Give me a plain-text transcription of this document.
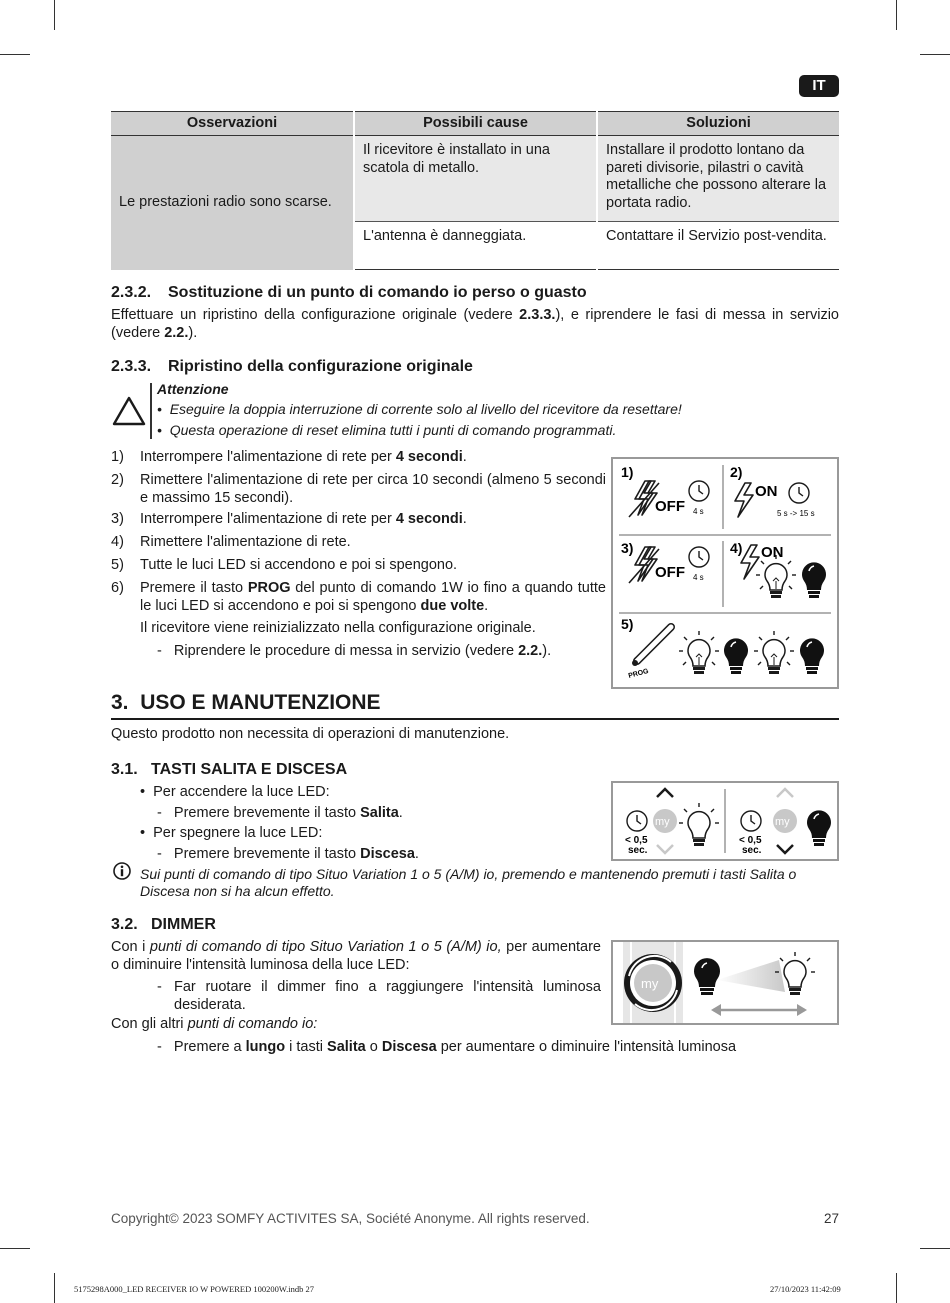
IT
Osservazioni	Possibili cause	Soluzioni
Le prestazioni radio sono scarse.	Il ricevitore è installato in una scatola di metallo.	Installare il prodotto lontano da pareti divisorie, pilastri o cavità metalliche che possono alterare la portata radio.
	L'antenna è danneggiata.	Contattare il Servizio post-vendita.
2.3.2. Sostituzione di un punto di comando io perso o guasto
Effettuare un ripristino della configurazione originale (vedere 2.3.3.), e riprendere le fasi di messa in servizio (vedere 2.2.).
2.3.3. Ripristino della configurazione originale
Attenzione
•  Eseguire la doppia interruzione di corrente solo al livello del ricevitore da resettare!
•  Questa operazione di reset elimina tutti i punti di comando programmati.
1) Interrompere l'alimentazione di rete per 4 secondi.
2) Rimettere l'alimentazione di rete per circa 10 secondi (almeno 5 secondi e massimo 15 secondi).
3) Interrompere l'alimentazione di rete per 4 secondi.
4) Rimettere l'alimentazione di rete.
5) Tutte le luci LED si accendono e poi si spengono.
6) Premere il tasto PROG del punto di comando 1W io fino a quando tutte le luci LED si accendono e poi si spengono due volte.
Il ricevitore viene reinizializzato nella configurazione originale.
-   Riprendere le procedure di messa in servizio (vedere 2.2.).
1)	2)
3)	4)
5)
OFF 4 s
ON
5 s -> 15 s
OFF 4 s
ON
PROG
3. USO E MANUTENZIONE
Questo prodotto non necessita di operazioni di manutenzione.
3.1. TASTI SALITA E DISCESA
•  Per accendere la luce LED:
-   Premere brevemente il tasto Salita.
•  Per spegnere la luce LED:
-   Premere brevemente il tasto Discesa.
Sui punti di comando di tipo Situo Variation 1 o 5 (A/M) io, premendo e mantenendo premuti i tasti Salita o Discesa non si ha alcun effetto.
< 0,5
sec.
my
< 0,5
sec.
my
3.2. DIMMER
Con i punti di comando di tipo Situo Variation 1 o 5 (A/M) io, per aumentare o diminuire l'intensità luminosa della luce LED:
- Far ruotare il dimmer fino a raggiungere l'intensità luminosa desiderata.
Con gli altri punti di comando io:
-   Premere a lungo i tasti Salita o Discesa per aumentare o diminuire l'intensità luminosa
my
Copyright© 2023 SOMFY ACTIVITES SA, Société Anonyme. All rights reserved.	27
5175298A000_LED RECEIVER IO W POWERED 100200W.indb 27	27/10/2023 11:42:09
